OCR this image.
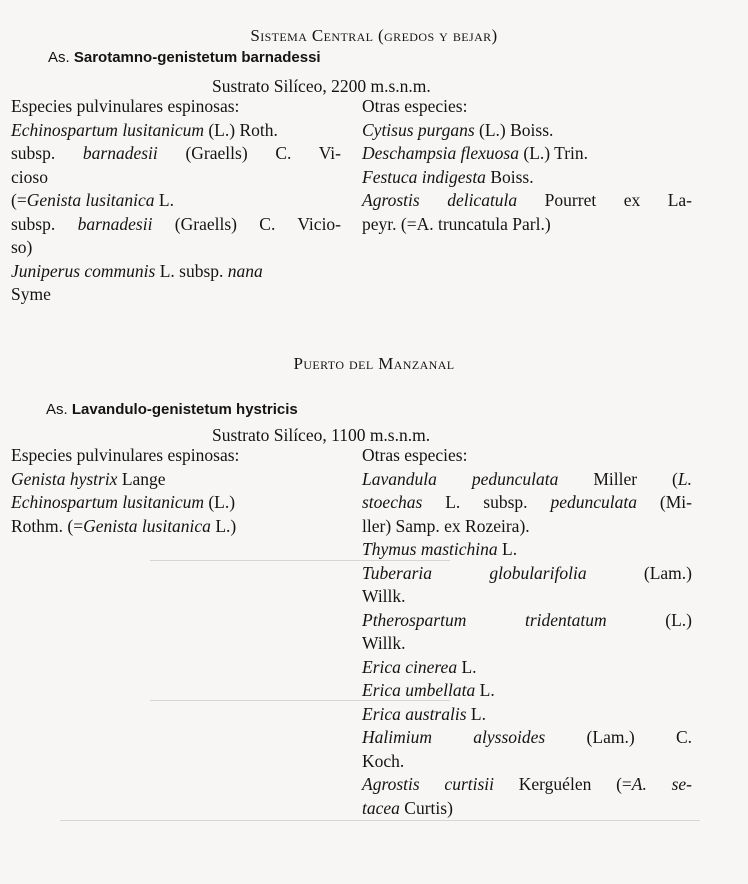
Sistema Central (gredos y bejar)
As. Sarotamno-genistetum barnadessi
Sustrato Silíceo, 2200 m.s.n.m.
Especies pulvinulares espinosas:
Echinospartum lusitanicum (L.) Roth.
subsp. barnadesii (Graells) C. Vi-
cioso
(=Genista lusitanica L.
subsp. barnadesii (Graells) C. Vicio-
so)
Juniperus communis L. subsp. nana
Syme
Otras especies:
Cytisus purgans (L.) Boiss.
Deschampsia flexuosa (L.) Trin.
Festuca indigesta Boiss.
Agrostis delicatula Pourret ex La-
peyr. (=A. truncatula Parl.)
Puerto del Manzanal
As. Lavandulo-genistetum hystricis
Sustrato Silíceo, 1100 m.s.n.m.
Especies pulvinulares espinosas:
Genista hystrix Lange
Echinospartum lusitanicum (L.)
Rothm. (=Genista lusitanica L.)
Otras especies:
Lavandula pedunculata Miller (L.
stoechas L. subsp. pedunculata (Mi-
ller) Samp. ex Rozeira).
Thymus mastichina L.
Tuberaria globularifolia (Lam.)
Willk.
Ptherospartum tridentatum (L.)
Willk.
Erica cinerea L.
Erica umbellata L.
Erica australis L.
Halimium alyssoides (Lam.) C.
Koch.
Agrostis curtisii Kerguélen (=A. se-
tacea Curtis)
